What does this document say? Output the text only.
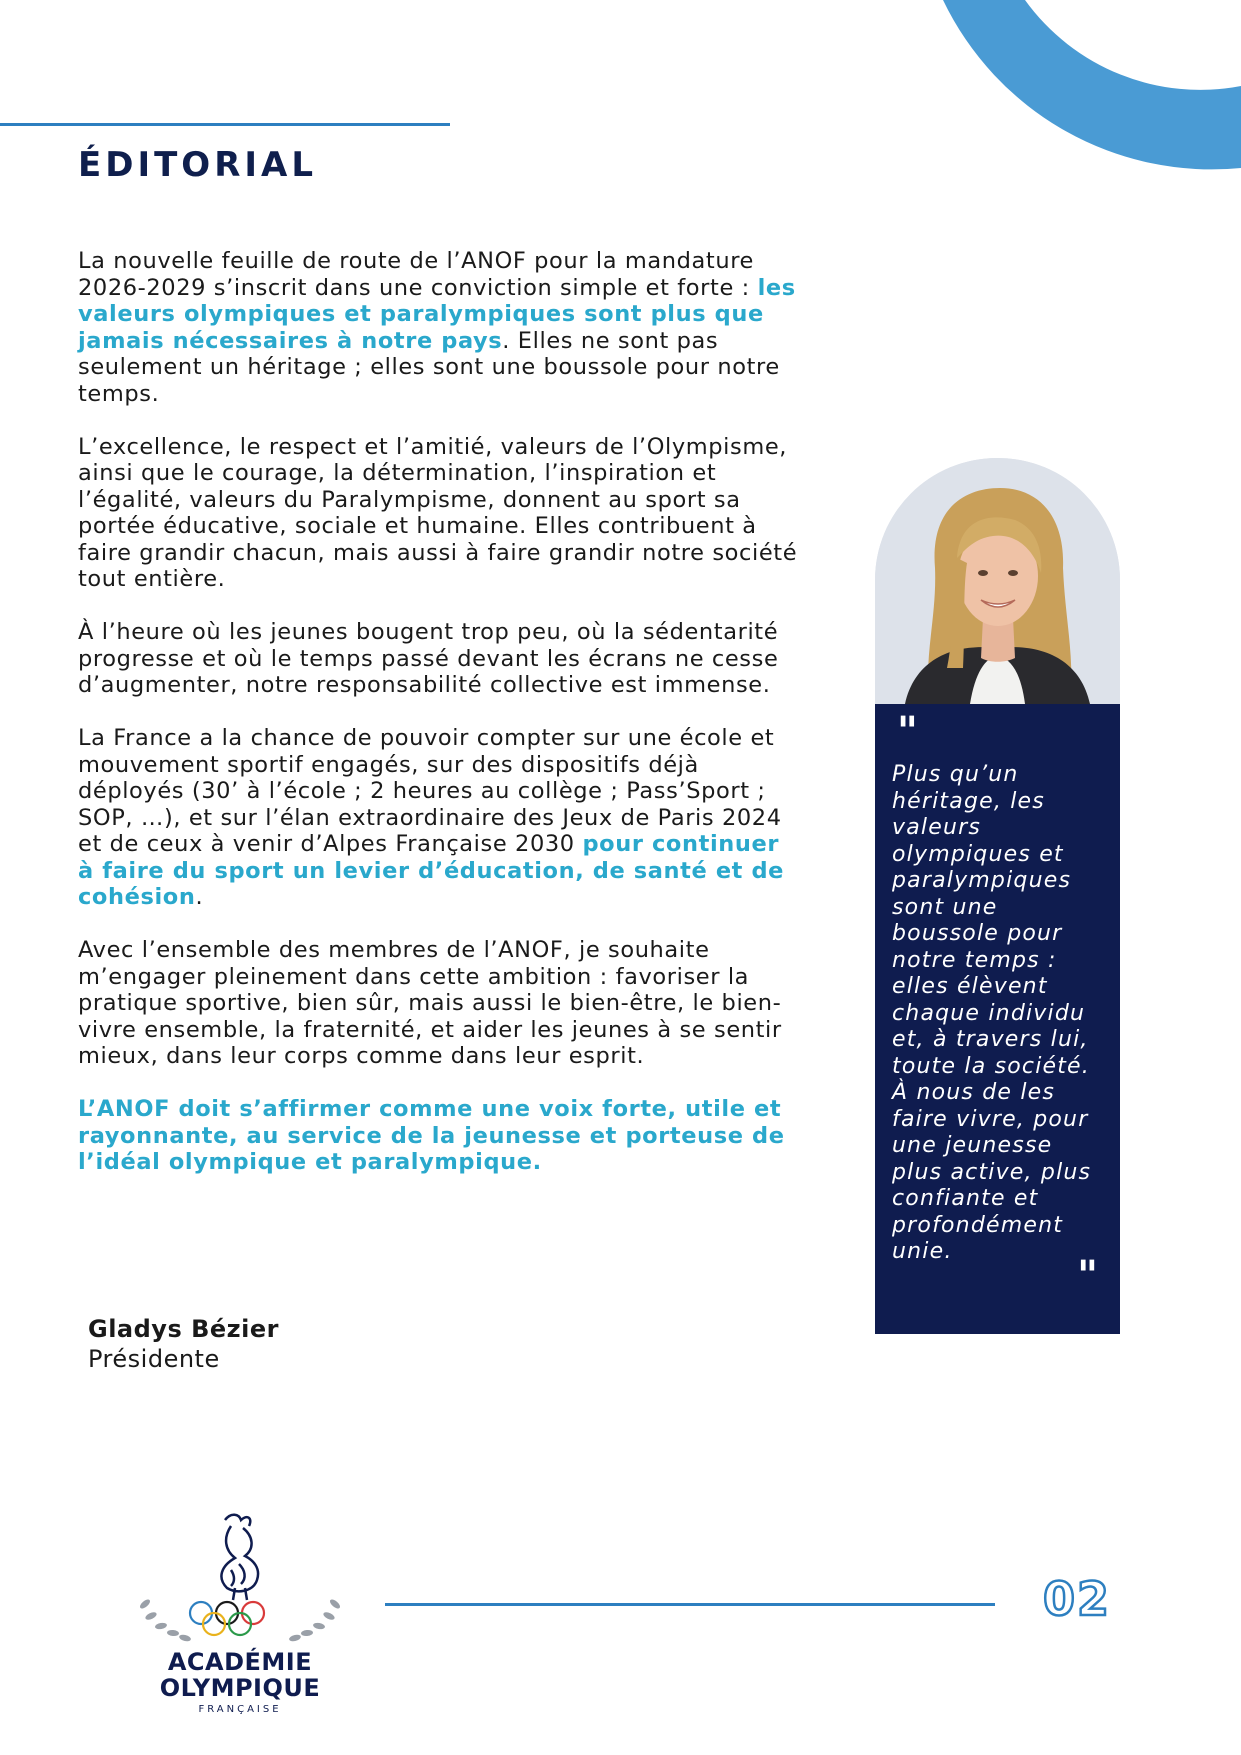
ÉDITORIAL

La nouvelle feuille de route de l’ANOF pour la mandature 2026-2029 s’inscrit dans une conviction simple et forte : les valeurs olympiques et paralympiques sont plus que jamais nécessaires à notre pays. Elles ne sont pas seulement un héritage ; elles sont une boussole pour notre temps.

L’excellence, le respect et l’amitié, valeurs de l’Olympisme, ainsi que le courage, la détermination, l’inspiration et l’égalité, valeurs du Paralympisme, donnent au sport sa portée éducative, sociale et humaine. Elles contribuent à faire grandir chacun, mais aussi à faire grandir notre société tout entière.

À l’heure où les jeunes bougent trop peu, où la sédentarité progresse et où le temps passé devant les écrans ne cesse d’augmenter, notre responsabilité collective est immense.

La France a la chance de pouvoir compter sur une école et mouvement sportif engagés, sur des dispositifs déjà déployés (30’ à l’école ; 2 heures au collège ; Pass’Sport ; SOP, …), et sur l’élan extraordinaire des Jeux de Paris 2024 et de ceux à venir d’Alpes Française 2030 pour continuer à faire du sport un levier d’éducation, de santé et de cohésion.

Avec l’ensemble des membres de l’ANOF, je souhaite m’engager pleinement dans cette ambition : favoriser la pratique sportive, bien sûr, mais aussi le bien-être, le bien-vivre ensemble, la fraternité, et aider les jeunes à se sentir mieux, dans leur corps comme dans leur esprit.

L’ANOF doit s’affirmer comme une voix forte, utile et rayonnante, au service de la jeunesse et porteuse de l’idéal olympique et paralympique.

Gladys Bézier
Présidente
"
Plus qu’un héritage, les valeurs olympiques et paralympiques sont une boussole pour notre temps : elles élèvent chaque individu et, à travers lui, toute la société. À nous de les faire vivre, pour une jeunesse plus active, plus confiante et profondément unie.
"
ACADÉMIE
OLYMPIQUE
FRANÇAISE
02
